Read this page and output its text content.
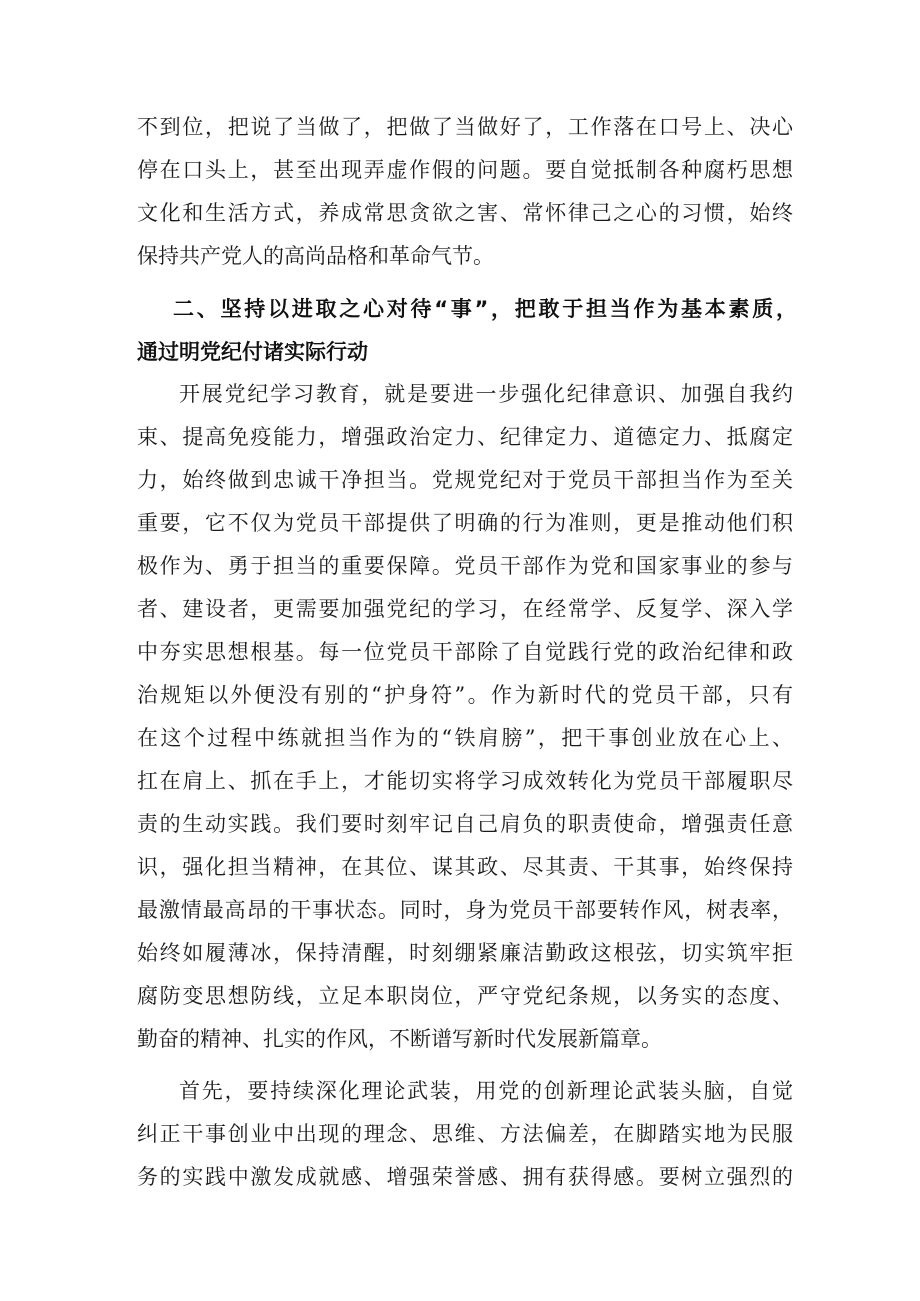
不到位，把说了当做了，把做了当做好了，工作落在口号上、决心
停在口头上，甚至出现弄虚作假的问题。要自觉抵制各种腐朽思想
文化和生活方式，养成常思贪欲之害、常怀律己之心的习惯，始终
保持共产党人的高尚品格和革命气节。
二、坚持以进取之心对待“事”，把敢于担当作为基本素质，
通过明党纪付诸实际行动
开展党纪学习教育，就是要进一步强化纪律意识、加强自我约
束、提高免疫能力，增强政治定力、纪律定力、道德定力、抵腐定
力，始终做到忠诚干净担当。党规党纪对于党员干部担当作为至关
重要，它不仅为党员干部提供了明确的行为准则，更是推动他们积
极作为、勇于担当的重要保障。党员干部作为党和国家事业的参与
者、建设者，更需要加强党纪的学习，在经常学、反复学、深入学
中夯实思想根基。每一位党员干部除了自觉践行党的政治纪律和政
治规矩以外便没有别的“护身符”。作为新时代的党员干部，只有
在这个过程中练就担当作为的“铁肩膀”，把干事创业放在心上、
扛在肩上、抓在手上，才能切实将学习成效转化为党员干部履职尽
责的生动实践。我们要时刻牢记自己肩负的职责使命，增强责任意
识，强化担当精神，在其位、谋其政、尽其责、干其事，始终保持
最激情最高昂的干事状态。同时，身为党员干部要转作风，树表率，
始终如履薄冰，保持清醒，时刻绷紧廉洁勤政这根弦，切实筑牢拒
腐防变思想防线，立足本职岗位，严守党纪条规，以务实的态度、
勤奋的精神、扎实的作风，不断谱写新时代发展新篇章。
首先，要持续深化理论武装，用党的创新理论武装头脑，自觉
纠正干事创业中出现的理念、思维、方法偏差，在脚踏实地为民服
务的实践中激发成就感、增强荣誉感、拥有获得感。要树立强烈的
